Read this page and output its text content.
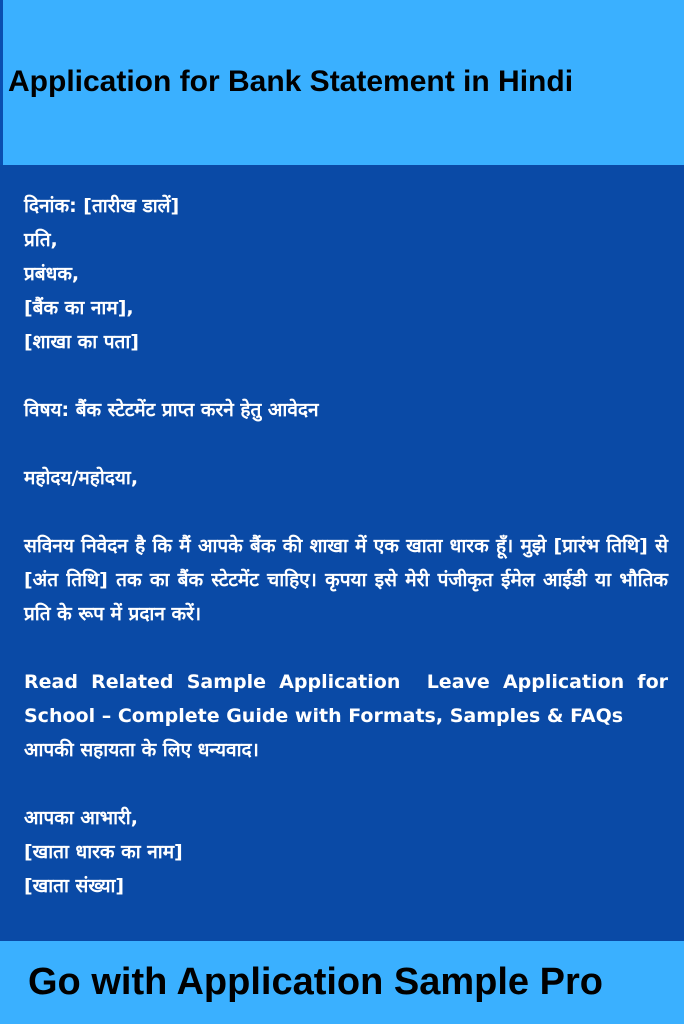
Application for Bank Statement in Hindi

दिनांक: [तारीख डालें]

प्रति,

प्रबंधक,

[बैंक का नाम],

[शाखा का पता]

विषय: बैंक स्टेटमेंट प्राप्त करने हेतु आवेदन

महोदय/महोदया,

सविनय निवेदन है कि मैं आपके बैंक की शाखा में एक खाता धारक हूँ। मुझे [प्रारंभ तिथि] से [अंत तिथि] तक का बैंक स्टेटमेंट चाहिए। कृपया इसे मेरी पंजीकृत ईमेल आईडी या भौतिक प्रति के रूप में प्रदान करें।

Read Related Sample Application Leave Application for School – Complete Guide with Formats, Samples & FAQs

आपकी सहायता के लिए धन्यवाद।

आपका आभारी,

[खाता धारक का नाम]

[खाता संख्या]

Go with Application Sample Pro
